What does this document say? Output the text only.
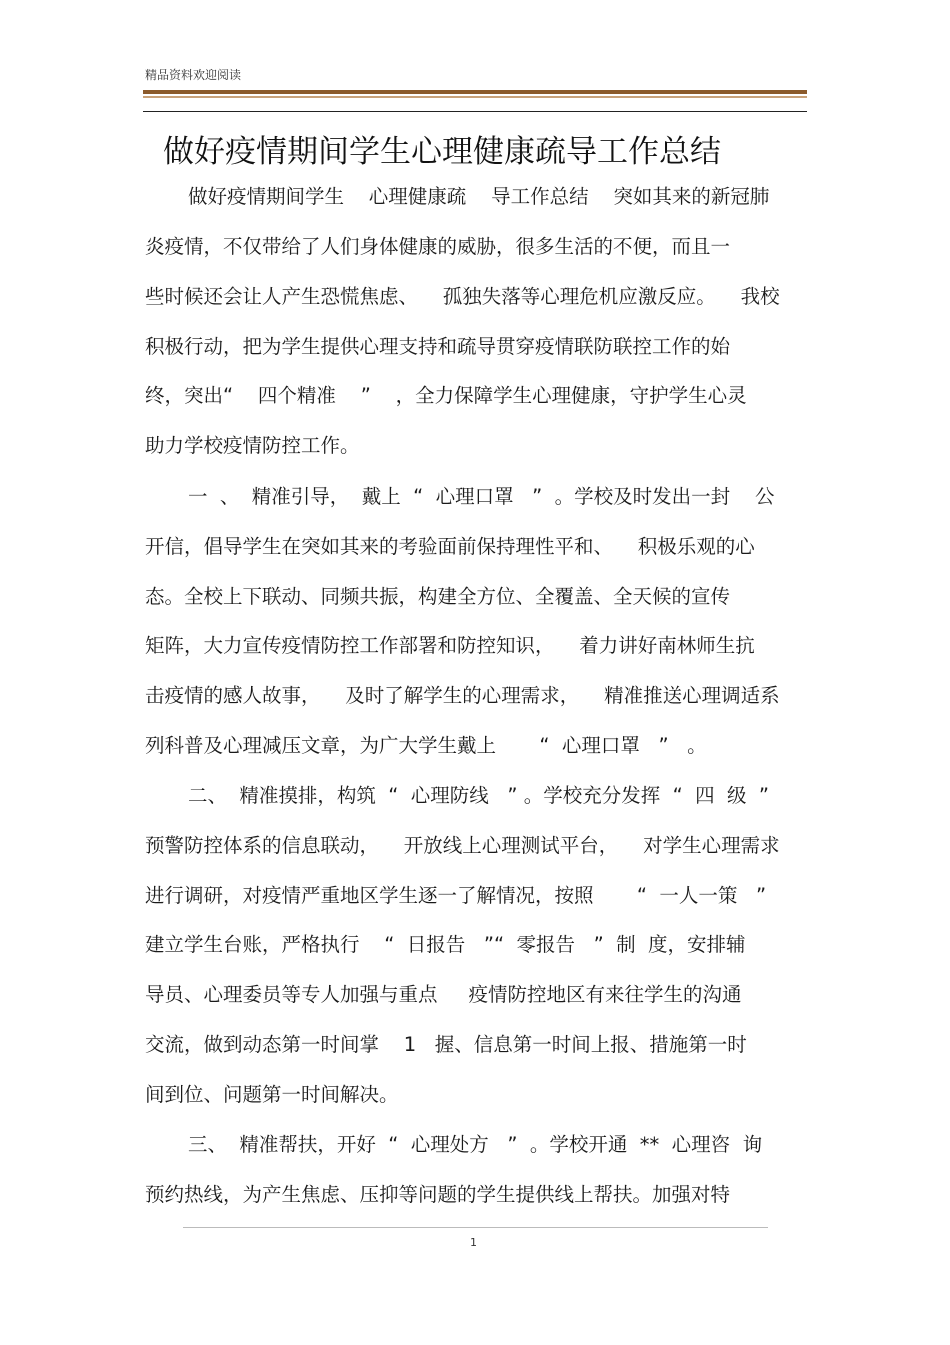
精品资料欢迎阅读
做好疫情期间学生心理健康疏导工作总结
做好疫情期间学生    心理健康疏    导工作总结    突如其来的新冠肺
炎疫情，不仅带给了人们身体健康的威胁，很多生活的不便，而且一
些时候还会让人产生恐慌焦虑、    孤独失落等心理危机应激反应。    我校
积极行动，把为学生提供心理支持和疏导贯穿疫情联防联控工作的始
终，突出“    四个精准    ”    ，全力保障学生心理健康，守护学生心灵
助力学校疫情防控工作。
一  、  精准引导，  戴上  “  心理口罩   ”  。学校及时发出一封    公
开信，倡导学生在突如其来的考验面前保持理性平和、    积极乐观的心
态。全校上下联动、同频共振，构建全方位、全覆盖、全天候的宣传
矩阵，大力宣传疫情防控工作部署和防控知识，    着力讲好南林师生抗
击疫情的感人故事，    及时了解学生的心理需求，    精准推送心理调适系
列科普及心理减压文章，为广大学生戴上       “  心理口罩   ”   。
二、  精准摸排，构筑  “  心理防线   ” 。学校充分发挥  “  四  级  ”
预警防控体系的信息联动，    开放线上心理测试平台，    对学生心理需求
进行调研，对疫情严重地区学生逐一了解情况，按照       “  一人一策   ”
建立学生台账，严格执行    “  日报告   ”“  零报告   ”  制  度，安排辅
导员、心理委员等专人加强与重点     疫情防控地区有来往学生的沟通
交流，做到动态第一时间掌    1   握、信息第一时间上报、措施第一时
间到位、问题第一时间解决。
三、  精准帮扶，开好  “  心理处方   ”  。学校开通  **  心理咨  询
预约热线，为产生焦虑、压抑等问题的学生提供线上帮扶。加强对特
1
